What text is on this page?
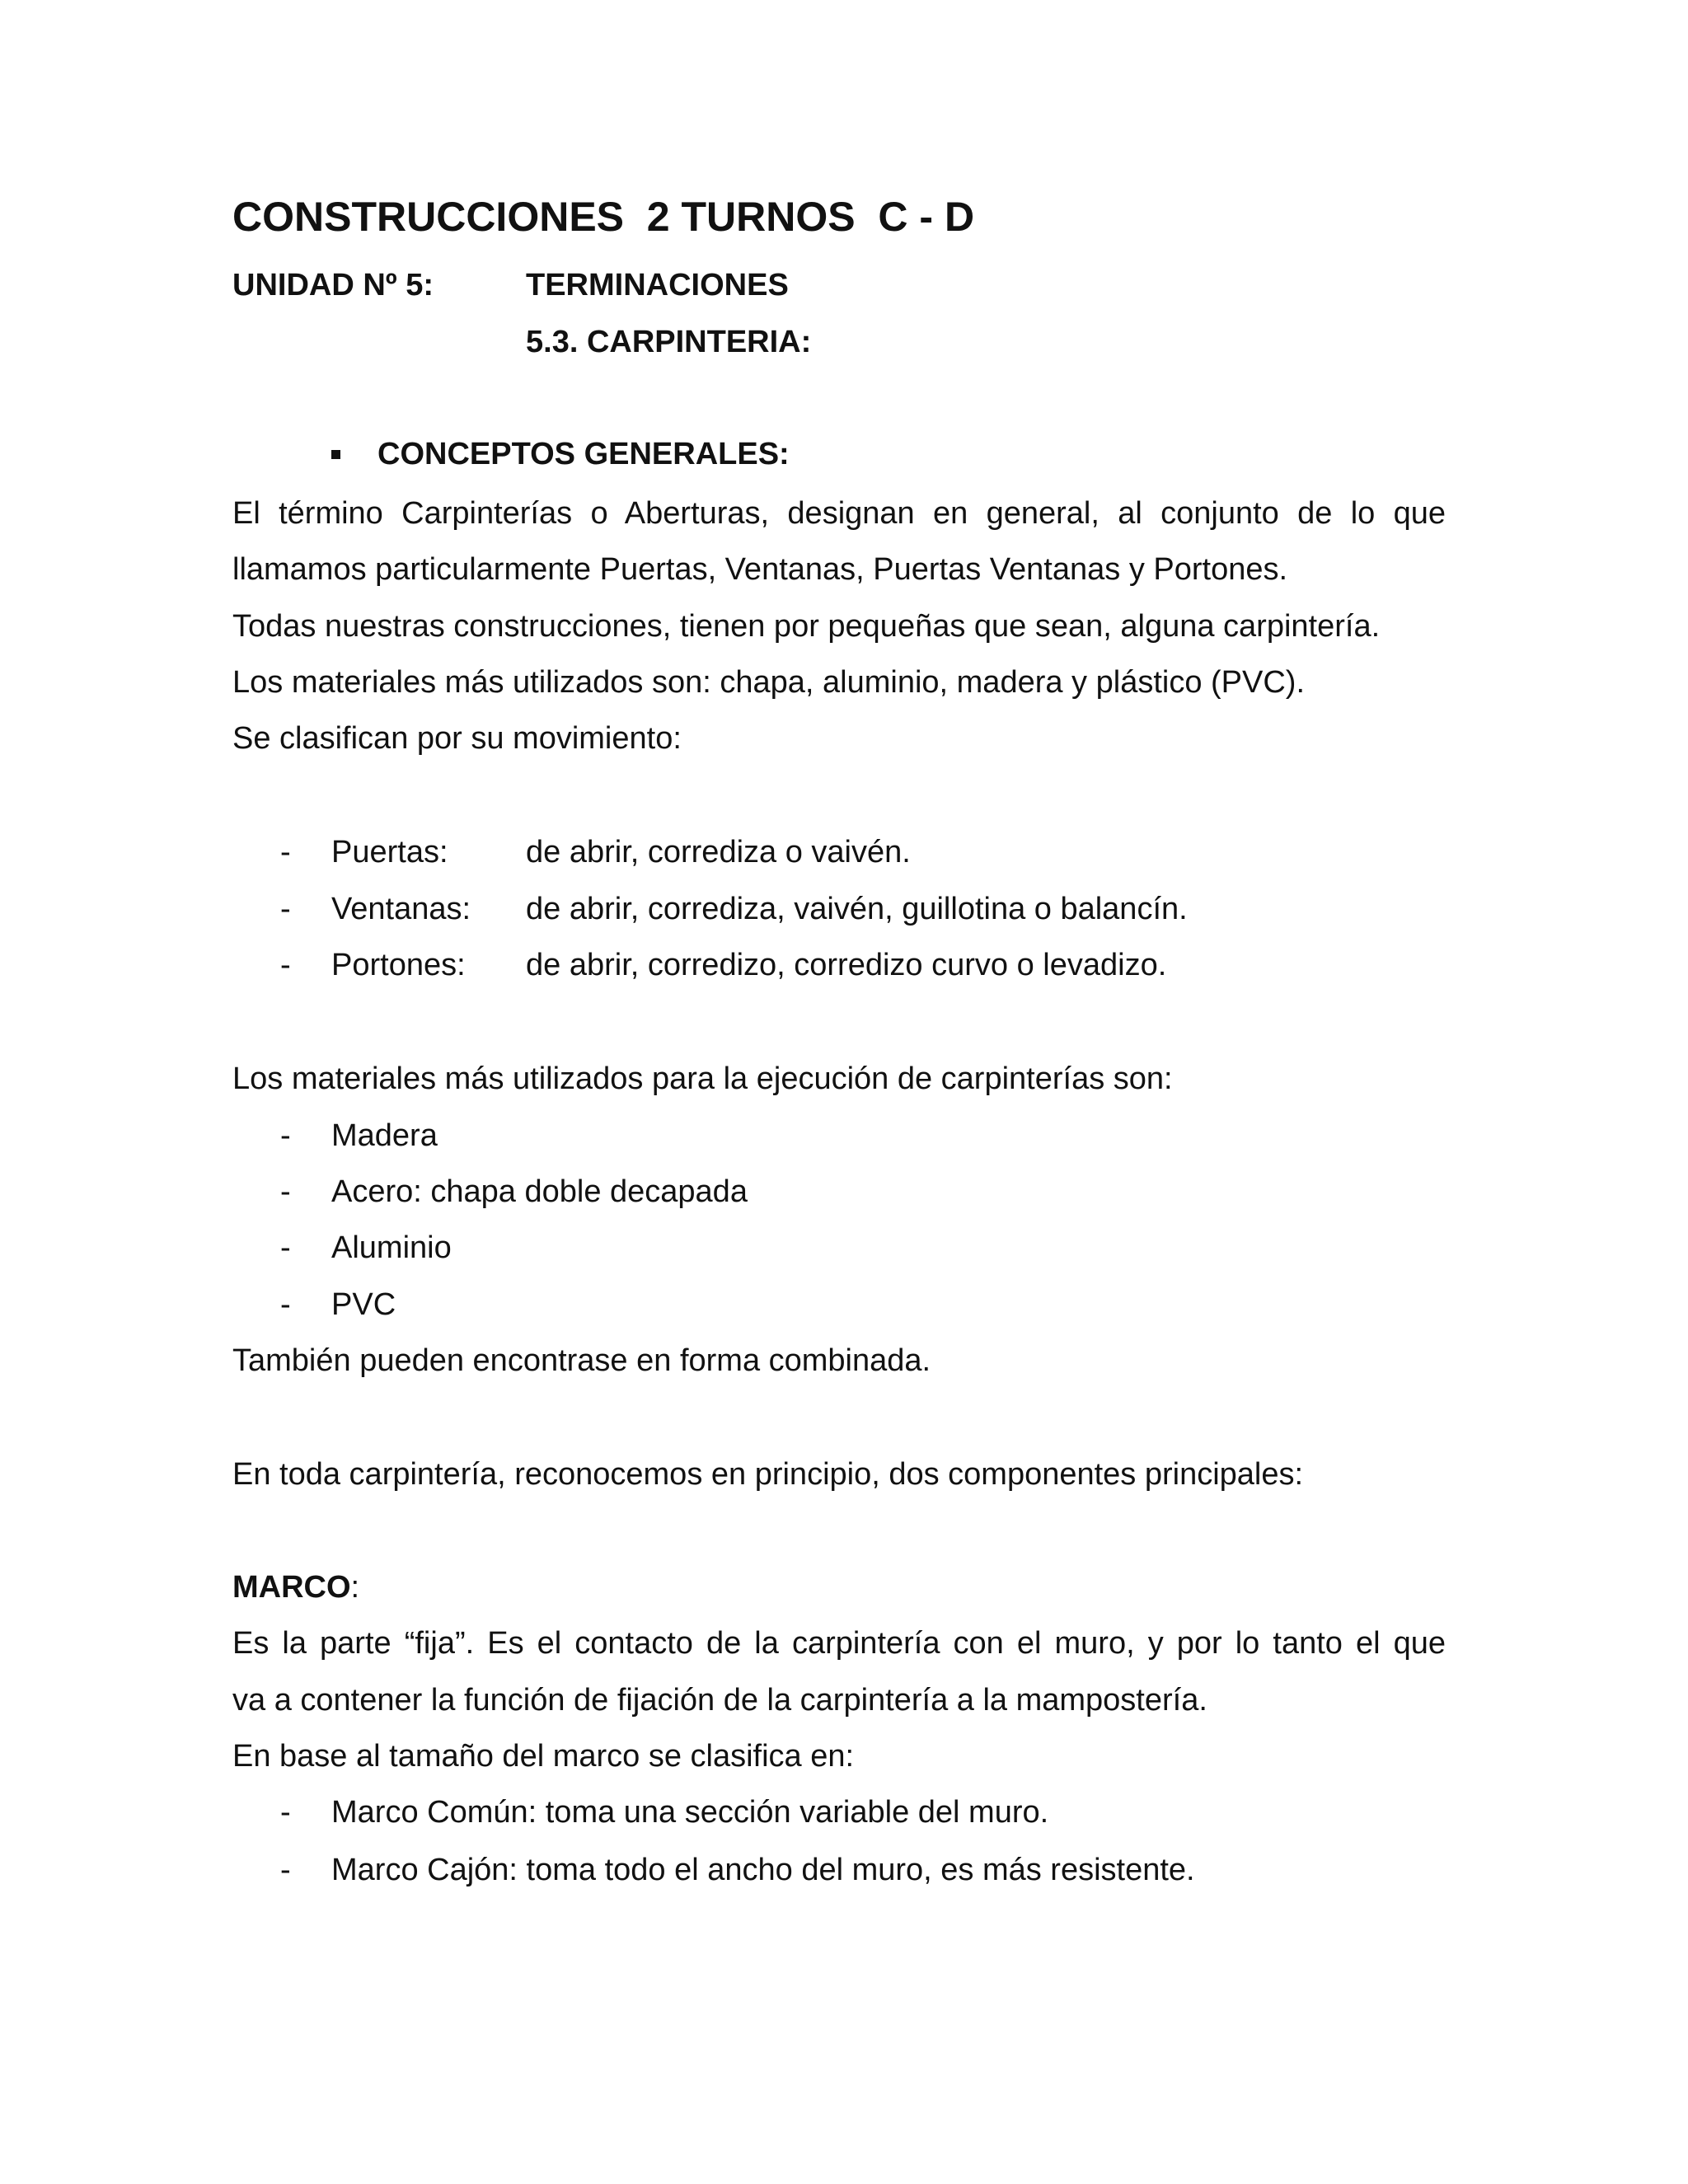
CONSTRUCCIONES  2 TURNOS  C - D
UNIDAD Nº 5:	TERMINACIONES
5.3. CARPINTERIA:
CONCEPTOS GENERALES:
El término Carpinterías o Aberturas, designan en general, al conjunto de lo que
llamamos particularmente Puertas, Ventanas, Puertas Ventanas y Portones.
Todas nuestras construcciones, tienen por pequeñas que sean, alguna carpintería.
Los materiales más utilizados son: chapa, aluminio, madera y plástico (PVC).
Se clasifican por su movimiento:
- Puertas: de abrir, corrediza o vaivén.
- Ventanas: de abrir, corrediza, vaivén, guillotina o balancín.
- Portones: de abrir, corredizo, corredizo curvo o levadizo.
Los materiales más utilizados para la ejecución de carpinterías son:
- Madera
- Acero: chapa doble decapada
- Aluminio
- PVC
También pueden encontrase en forma combinada.
En toda carpintería, reconocemos en principio, dos componentes principales:
MARCO:
Es la parte “fija”. Es el contacto de la carpintería con el muro, y por lo tanto el que
va a contener la función de fijación de la carpintería a la mampostería.
En base al tamaño del marco se clasifica en:
- Marco Común: toma una sección variable del muro.
- Marco Cajón: toma todo el ancho del muro, es más resistente.
